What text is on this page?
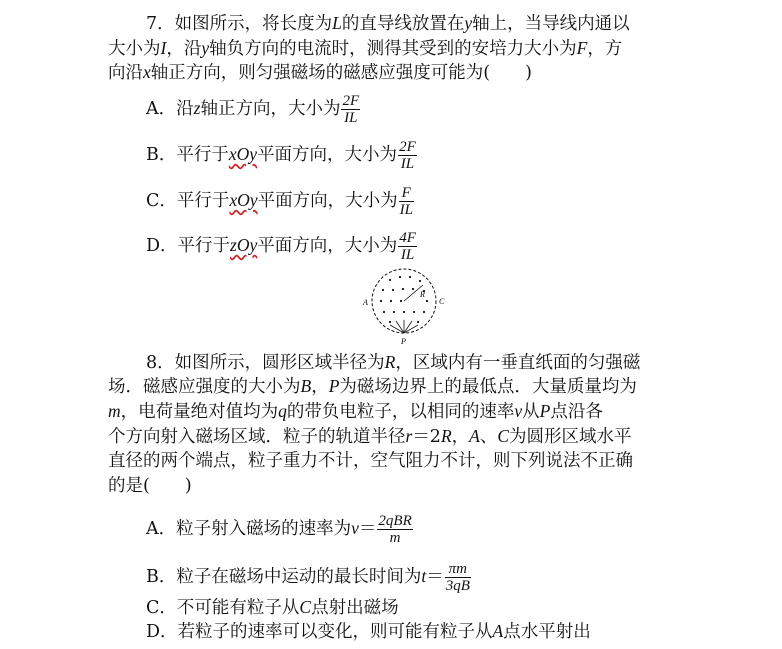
7．如图所示，将长度为L的直导线放置在y轴上，当导线内通以
大小为I，沿y轴负方向的电流时，测得其受到的安培力大小为F，方
向沿x轴正方向，则匀强磁场的磁感应强度可能为(　　)
A．沿z轴正方向，大小为 $\frac{2F}{IL}$
B．平行于xOy平面方向，大小为 $\frac{2F}{IL}$
C．平行于xOy平面方向，大小为 $\frac{F}{IL}$
D．平行于zOy平面方向，大小为 $\frac{4F}{IL}$
A	C
R
P
8．如图所示，圆形区域半径为R，区域内有一垂直纸面的匀强磁
场．磁感应强度的大小为B，P为磁场边界上的最低点．大量质量均为
m，电荷量绝对值均为q的带负电粒子，以相同的速率v从P点沿各
个方向射入磁场区域．粒子的轨道半径r＝2R，A、C为圆形区域水平
直径的两个端点，粒子重力不计，空气阻力不计，则下列说法不正确
的是(　　)
A．粒子射入磁场的速率为$v= \frac{\text{2qBR}}{m}$
B．粒子在磁场中运动的最长时间为$t= \frac{\pi m}{3qB}$
C．不可能有粒子从C点射出磁场
D．若粒子的速率可以变化，则可能有粒子从A点水平射出
